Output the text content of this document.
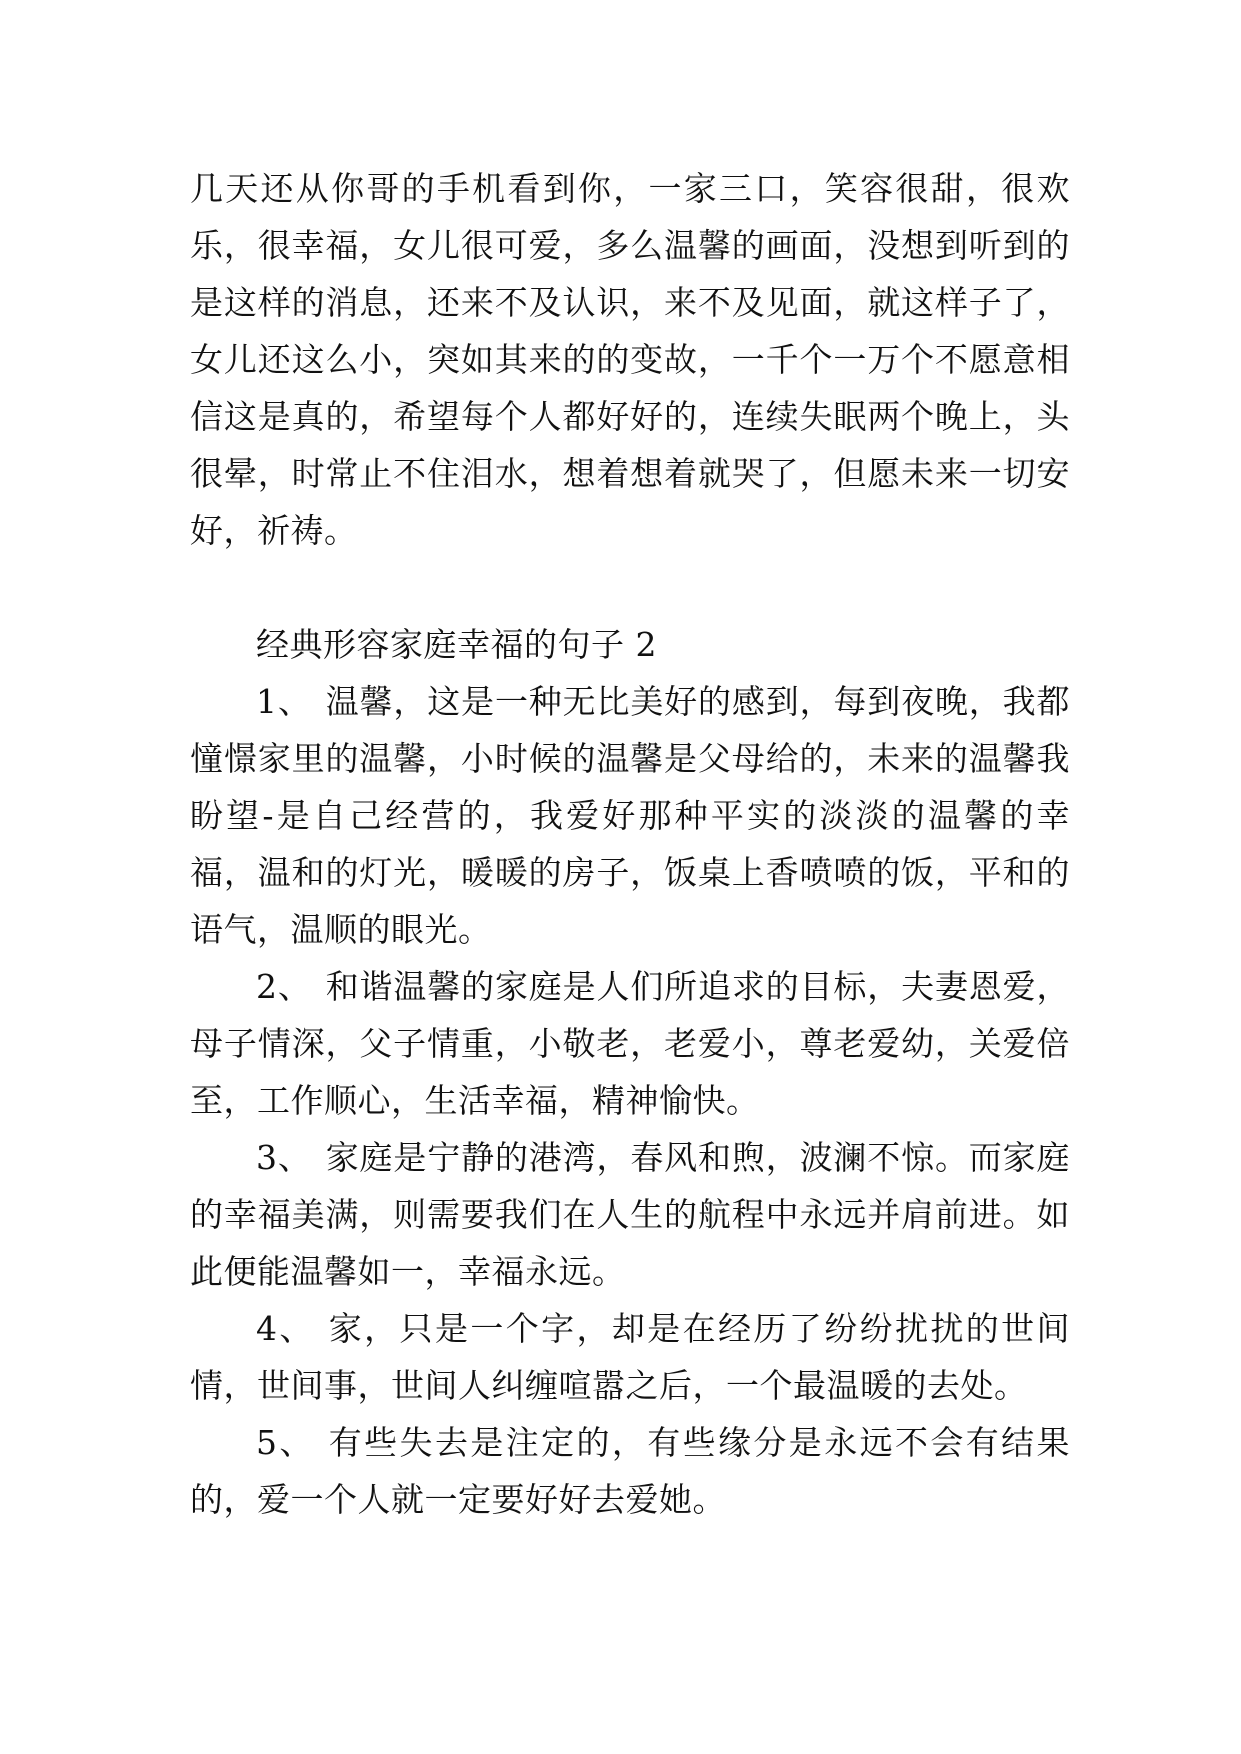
几天还从你哥的手机看到你，一家三口，笑容很甜，很欢乐，很幸福，女儿很可爱，多么温馨的画面，没想到听到的是这样的消息，还来不及认识，来不及见面，就这样子了，女儿还这么小，突如其来的的变故，一千个一万个不愿意相信这是真的，希望每个人都好好的，连续失眠两个晚上，头很晕，时常止不住泪水，想着想着就哭了，但愿未来一切安好，祈祷。

经典形容家庭幸福的句子 2

1、 温馨，这是一种无比美好的感到，每到夜晚，我都憧憬家里的温馨，小时候的温馨是父母给的，未来的温馨我盼望-是自己经营的，我爱好那种平实的淡淡的温馨的幸福，温和的灯光，暖暖的房子，饭桌上香喷喷的饭，平和的语气，温顺的眼光。

2、 和谐温馨的家庭是人们所追求的目标，夫妻恩爱，母子情深，父子情重，小敬老，老爱小，尊老爱幼，关爱倍至，工作顺心，生活幸福，精神愉快。

3、 家庭是宁静的港湾，春风和煦，波澜不惊。而家庭的幸福美满，则需要我们在人生的航程中永远并肩前进。如此便能温馨如一，幸福永远。

4、 家，只是一个字，却是在经历了纷纷扰扰的世间情，世间事，世间人纠缠喧嚣之后，一个最温暖的去处。

5、 有些失去是注定的，有些缘分是永远不会有结果的，爱一个人就一定要好好去爱她。
